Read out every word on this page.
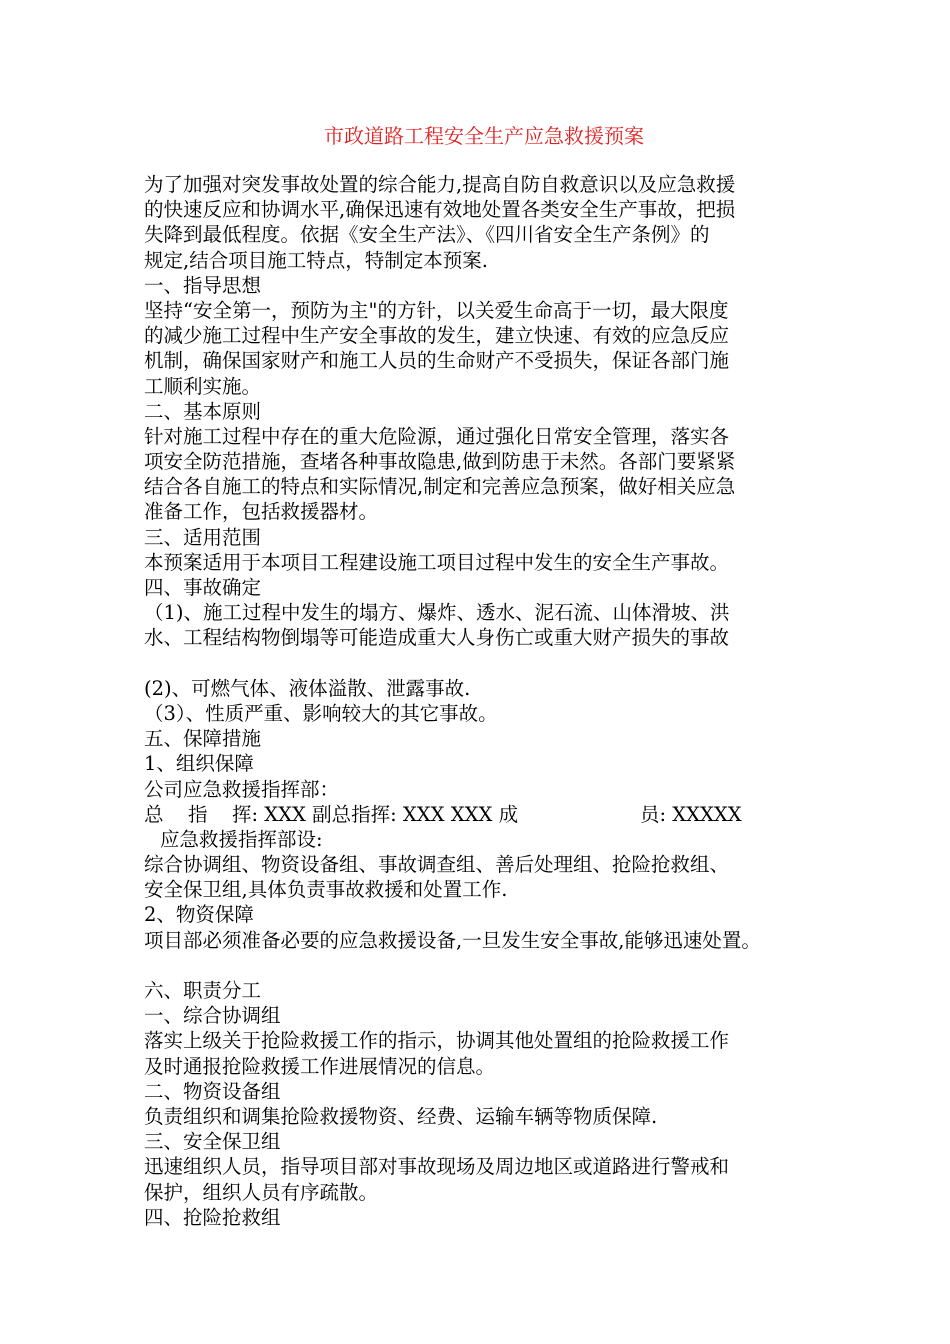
市政道路工程安全生产应急救援预案
为了加强对突发事故处置的综合能力,提高自防自救意识以及应急救援
的快速反应和协调水平,确保迅速有效地处置各类安全生产事故，把损
失降到最低程度。依据《安全生产法》、《四川省安全生产条例》的
规定,结合项目施工特点，特制定本预案.
一、指导思想
坚持“安全第一，预防为主"的方针，以关爱生命高于一切，最大限度
的减少施工过程中生产安全事故的发生，建立快速、有效的应急反应
机制，确保国家财产和施工人员的生命财产不受损失，保证各部门施
工顺利实施。
二、基本原则
针对施工过程中存在的重大危险源，通过强化日常安全管理，落实各
项安全防范措施，查堵各种事故隐患,做到防患于未然。各部门要紧紧
结合各自施工的特点和实际情况,制定和完善应急预案，做好相关应急
准备工作，包括救援器材。
三、适用范围
本预案适用于本项目工程建设施工项目过程中发生的安全生产事故。
四、事故确定
（1)、施工过程中发生的塌方、爆炸、透水、泥石流、山体滑坡、洪
水、工程结构物倒塌等可能造成重大人身伤亡或重大财产损失的事故
(2)、可燃气体、液体溢散、泄露事故.
（3）、性质严重、影响较大的其它事故。
五、保障措施
1、组织保障
公司应急救援指挥部：
总 指 挥: XXX 副总指挥: XXX XXX 成	员: XXXXX
应急救援指挥部设:
综合协调组、物资设备组、事故调查组、善后处理组、抢险抢救组、
安全保卫组,具体负责事故救援和处置工作.
2、物资保障
项目部必须准备必要的应急救援设备,一旦发生安全事故,能够迅速处置。
六、职责分工
一、综合协调组
落实上级关于抢险救援工作的指示，协调其他处置组的抢险救援工作
及时通报抢险救援工作进展情况的信息。
二、物资设备组
负责组织和调集抢险救援物资、经费、运输车辆等物质保障.
三、安全保卫组
迅速组织人员，指导项目部对事故现场及周边地区或道路进行警戒和
保护，组织人员有序疏散。
四、抢险抢救组
